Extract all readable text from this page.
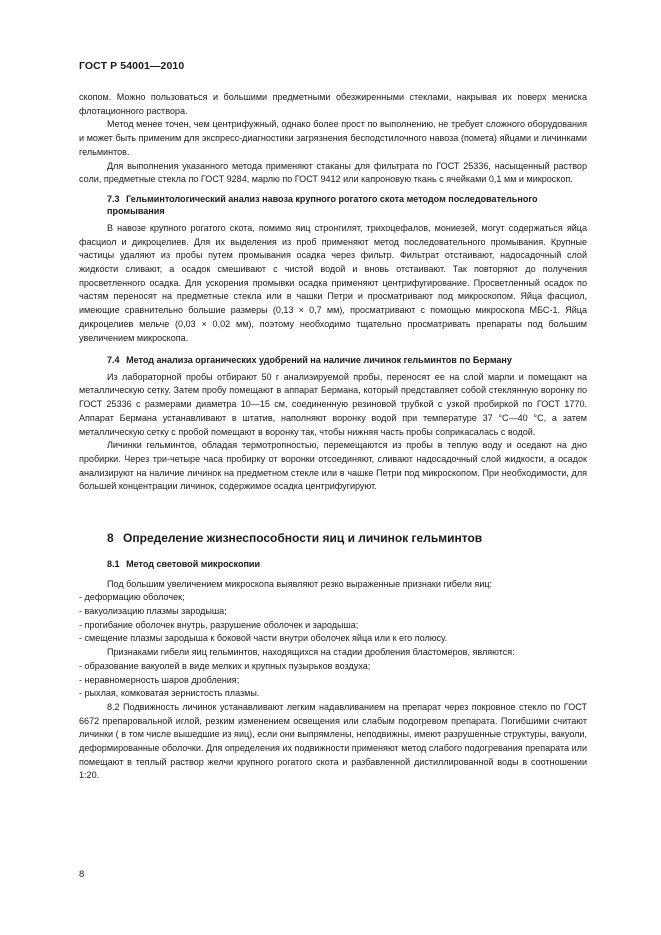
ГОСТ Р 54001—2010

скопом. Можно пользоваться и большими предметными обезжиренными стеклами, накрывая их поверх мениска флотационного раствора.

Метод менее точен, чем центрифужный, однако более прост по выполнению, не требует сложного оборудования и может быть применим для экспресс-диагностики загрязнения бесподстилочного навоза (помета) яйцами и личинками гельминтов.

Для выполнения указанного метода применяют стаканы для фильтрата по ГОСТ 25336, насыщенный раствор соли, предметные стекла по ГОСТ 9284, марлю по ГОСТ 9412 или капроновую ткань с ячейками 0,1 мм и микроскоп.

7.3 Гельминтологический анализ навоза крупного рогатого скота методом последовательного промывания

В навозе крупного рогатого скота, помимо яиц стронгилят, трихоцефалов, мониезей, могут содержаться яйца фасциол и дикроцелиев. Для их выделения из проб применяют метод последовательного промывания. Крупные частицы удаляют из пробы путем промывания осадка через фильтр. Фильтрат отстаивают, надосадочный слой жидкости сливают, а осадок смешивают с чистой водой и вновь отстаивают. Так повторяют до получения просветленного осадка. Для ускорения промывки осадка применяют центрифугирование. Просветленный осадок по частям переносят на предметные стекла или в чашки Петри и просматривают под микроскопом. Яйца фасциол, имеющие сравнительно большие размеры (0,13 × 0,7 мм), просматривают с помощью микроскопа МБС-1. Яйца дикроцелиев мельче (0,03 × 0,02 мм), поэтому необходимо тщательно просматривать препараты под большим увеличением микроскопа.

7.4 Метод анализа органических удобрений на наличие личинок гельминтов по Берману

Из лабораторной пробы отбирают 50 г анализируемой пробы, переносят ее на слой марли и помещают на металлическую сетку. Затем пробу помещают в аппарат Бермана, который представляет собой стеклянную воронку по ГОСТ 25336 с размерами диаметра 10—15 см, соединенную резиновой трубкой с узкой пробиркой по ГОСТ 1770. Аппарат Бермана устанавливают в штатив, наполняют воронку водой при температуре 37 °С—40 °С, а затем металлическую сетку с пробой помещают в воронку так, чтобы нижняя часть пробы соприкасалась с водой.

Личинки гельминтов, обладая термотропностью, перемещаются из пробы в теплую воду и оседают на дно пробирки. Через три-четыре часа пробирку от воронки отсоединяют, сливают надосадочный слой жидкости, а осадок анализируют на наличие личинок на предметном стекле или в чашке Петри под микроскопом. При необходимости, для большей концентрации личинок, содержимое осадка центрифугируют.

8 Определение жизнеспособности яиц и личинок гельминтов
8.1 Метод световой микроскопии

Под большим увеличением микроскопа выявляют резко выраженные признаки гибели яиц:

- деформацию оболочек;

- вакуолизацию плазмы зародыша;

- прогибание оболочек внутрь, разрушение оболочек и зародыша;

- смещение плазмы зародыша к боковой части внутри оболочек яйца или к его полюсу.

Признаками гибели яиц гельминтов, находящихся на стадии дробления бластомеров, являются:

- образование вакуолей в виде мелких и крупных пузырьков воздуха;

- неравномерность шаров дробления;

- рыхлая, комковатая зернистость плазмы.

8.2 Подвижность личинок устанавливают легким надавливанием на препарат через покровное стекло по ГОСТ 6672 препаровальной иглой, резким изменением освещения или слабым подогревом препарата. Погибшими считают личинки ( в том числе вышедшие из яиц), если они выпрямлены, неподвижны, имеют разрушенные структуры, вакуоли, деформированные оболочки. Для определения их подвижности применяют метод слабого подогревания препарата или помещают в теплый раствор желчи крупного рогатого скота и разбавленной дистиллированной воды в соотношении 1:20.

8
